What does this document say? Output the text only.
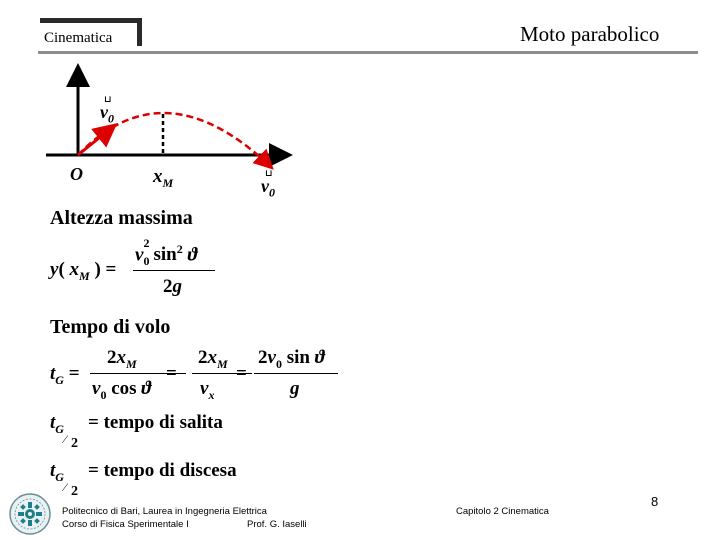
Cinematica	Moto parabolico
⊔
$v_0$
O	$x_M$
⊔
$v_0$
Altezza massima
y( $x_M$ ) =
v 0
2
$\sin^2 ϑ$
2g
Tempo di volo
$t_G$ =
$2x_M$
$v_0$ cos ϑ
=
$2x_M$
$v_x$
=
$2v_0$ sin ϑ
g
$t_G$
⁄ 2
= tempo di salita
$t_G$
⁄ 2
= tempo di discesa
Politecnico di Bari, Laurea in Ingegneria Elettrica
Corso di Fisica Sperimentale I	Prof. G. Iaselli
Capitolo 2 Cinematica
8
